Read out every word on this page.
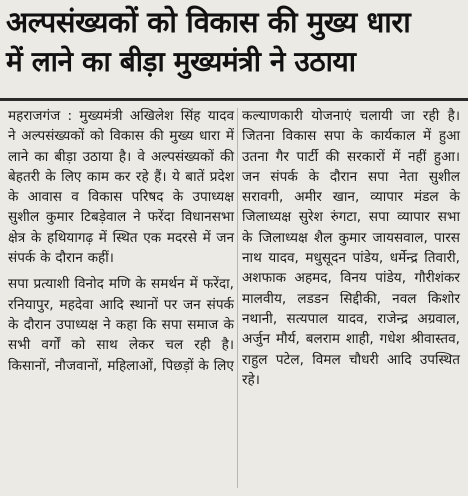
अल्पसंख्यकों को विकास की मुख्य धारा
में लाने का बीड़ा मुख्यमंत्री ने उठाया

महराजगंज : मुख्यमंत्री अखिलेश सिंह यादव ने अल्पसंख्यकों को विकास की मुख्य धारा में लाने का बीड़ा उठाया है। वे अल्पसंख्यकों की बेहतरी के लिए काम कर रहे हैं। ये बातें प्रदेश के आवास व विकास परिषद के उपाध्यक्ष सुशील कुमार टिबड़ेवाल ने फरेंदा विधानसभा क्षेत्र के हथियागढ़ में स्थित एक मदरसे में जन संपर्क के दौरान कहीं।

सपा प्रत्याशी विनोद मणि के समर्थन में फरेंदा, रनियापुर, महदेवा आदि स्थानों पर जन संपर्क के दौरान उपाध्यक्ष ने कहा कि सपा समाज के सभी वर्गों को साथ लेकर चल रही है। किसानों, नौजवानों, महिलाओं, पिछड़ों के लिए

कल्याणकारी योजनाएं चलायी जा रही है। जितना विकास सपा के कार्यकाल में हुआ उतना गैर पार्टी की सरकारों में नहीं हुआ। जन संपर्क के दौरान सपा नेता सुशील सरावगी, अमीर खान, व्यापार मंडल के जिलाध्यक्ष सुरेश रुंगटा, सपा व्यापार सभा के जिलाध्यक्ष शैल कुमार जायसवाल, पारस नाथ यादव, मधुसूदन पांडेय, धर्मेन्द्र तिवारी, अशफाक अहमद, विनय पांडेय, गौरीशंकर मालवीय, लडडन सिद्दीकी, नवल किशोर नथानी, सत्यपाल यादव, राजेन्द्र अग्रवाल, अर्जुन मौर्य, बलराम शाही, गधेश श्रीवास्तव, राहुल पटेल, विमल चौधरी आदि उपस्थित रहे।
